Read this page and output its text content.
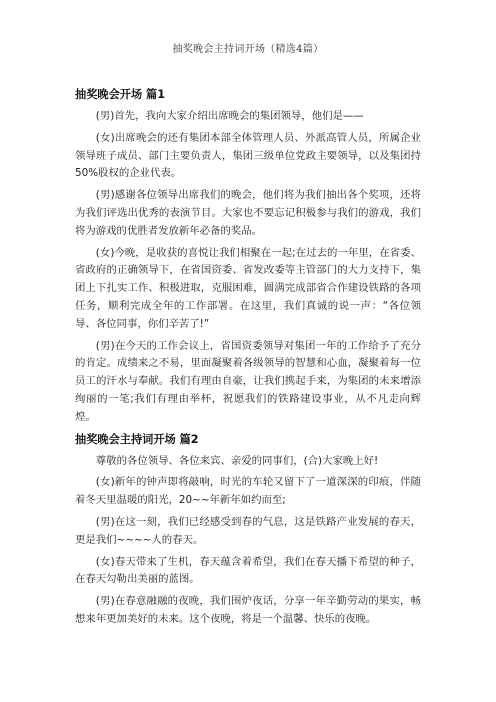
抽奖晚会主持词开场（精选4篇）
抽奖晚会开场 篇1

(男)首先，我向大家介绍出席晚会的集团领导，他们是——

(女)出席晚会的还有集团本部全体管理人员、外派高管人员，所属企业领导班子成员、部门主要负责人，集团三级单位党政主要领导，以及集团持50%股权的企业代表。

(男)感谢各位领导出席我们的晚会，他们将为我们抽出各个奖项，还将为我们评选出优秀的表演节目。大家也不要忘记积极参与我们的游戏，我们将为游戏的优胜者发放新年必备的奖品。

(女)今晚，是收获的喜悦让我们相聚在一起;在过去的一年里，在省委、省政府的正确领导下，在省国资委、省发改委等主管部门的大力支持下，集团上下扎实工作、积极进取，克服困难，圆满完成部省合作建设铁路的各项任务，顺利完成全年的工作部署。在这里，我们真诚的说一声：“各位领导、各位同事，你们辛苦了!”

(男)在今天的工作会议上，省国资委领导对集团一年的工作给予了充分的肯定。成绩来之不易，里面凝聚着各级领导的智慧和心血，凝聚着每一位员工的汗水与奉献。我们有理由自豪，让我们携起手来，为集团的未来增添绚丽的一笔;我们有理由举杯，祝愿我们的铁路建设事业，从不凡走向辉煌。

抽奖晚会主持词开场 篇2

尊敬的各位领导、各位来宾、亲爱的同事们，(合)大家晚上好!

(女)新年的钟声即将敲响，时光的车轮又留下了一道深深的印痕，伴随着冬天里温暖的阳光，20~~年新年如约而至;

(男)在这一刻，我们已经感受到春的气息，这是铁路产业发展的春天，更是我们~~~~人的春天。

(女)春天带来了生机，春天蕴含着希望，我们在春天播下希望的种子，在春天勾勒出美丽的蓝图。

(男)在春意融融的夜晚，我们围炉夜话，分享一年辛勤劳动的果实，畅想来年更加美好的未来。这个夜晚，将是一个温馨、快乐的夜晚。
